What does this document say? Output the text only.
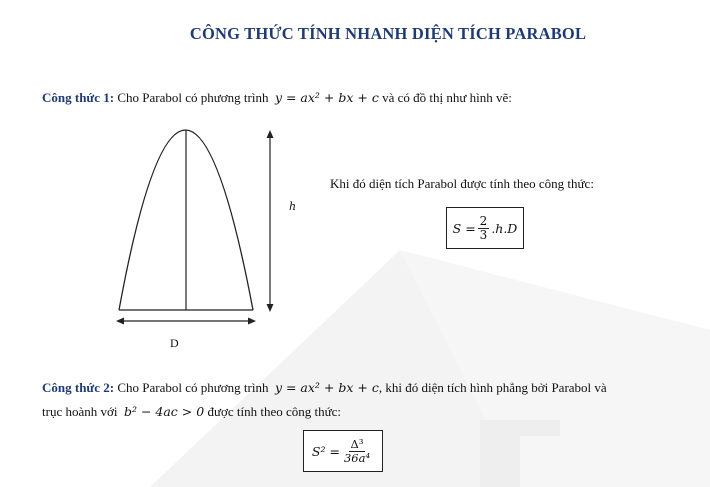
CÔNG THỨC TÍNH NHANH DIỆN TÍCH PARABOL
Công thức 1: Cho Parabol có phương trình y = ax² + bx + c và có đồ thị như hình vẽ:
h
D
Khi đó diện tích Parabol được tính theo công thức:
$S = \frac{2}{3} .h.D$
Công thức 2: Cho Parabol có phương trình y = ax² + bx + c, khi đó diện tích hình phẳng bởi Parabol và
trục hoành với b² − 4ac > 0 được tính theo công thức:
$S^2 = \frac{\text{Δ³}}{\text{36a⁴}}$
